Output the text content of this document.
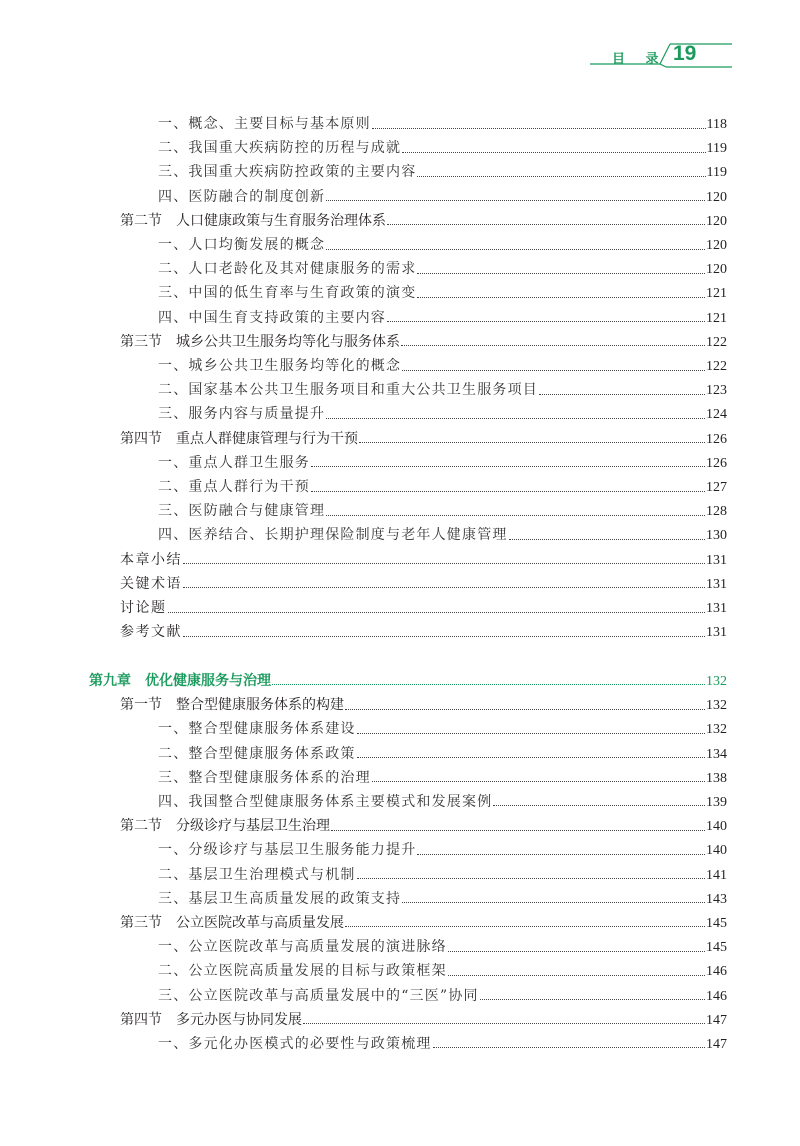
目 录 19
一、概念、主要目标与基本原则	118
二、我国重大疾病防控的历程与成就	119
三、我国重大疾病防控政策的主要内容	119
四、医防融合的制度创新	120
第二节　人口健康政策与生育服务治理体系	120
一、人口均衡发展的概念	120
二、人口老龄化及其对健康服务的需求	120
三、中国的低生育率与生育政策的演变	121
四、中国生育支持政策的主要内容	121
第三节　城乡公共卫生服务均等化与服务体系	122
一、城乡公共卫生服务均等化的概念	122
二、国家基本公共卫生服务项目和重大公共卫生服务项目	123
三、服务内容与质量提升	124
第四节　重点人群健康管理与行为干预	126
一、重点人群卫生服务	126
二、重点人群行为干预	127
三、医防融合与健康管理	128
四、医养结合、长期护理保险制度与老年人健康管理	130
本章小结	131
关键术语	131
讨论题	131
参考文献	131
第九章　优化健康服务与治理	132
第一节　整合型健康服务体系的构建	132
一、整合型健康服务体系建设	132
二、整合型健康服务体系政策	134
三、整合型健康服务体系的治理	138
四、我国整合型健康服务体系主要模式和发展案例	139
第二节　分级诊疗与基层卫生治理	140
一、分级诊疗与基层卫生服务能力提升	140
二、基层卫生治理模式与机制	141
三、基层卫生高质量发展的政策支持	143
第三节　公立医院改革与高质量发展	145
一、公立医院改革与高质量发展的演进脉络	145
二、公立医院高质量发展的目标与政策框架	146
三、公立医院改革与高质量发展中的“三医”协同	146
第四节　多元办医与协同发展	147
一、多元化办医模式的必要性与政策梳理	147
